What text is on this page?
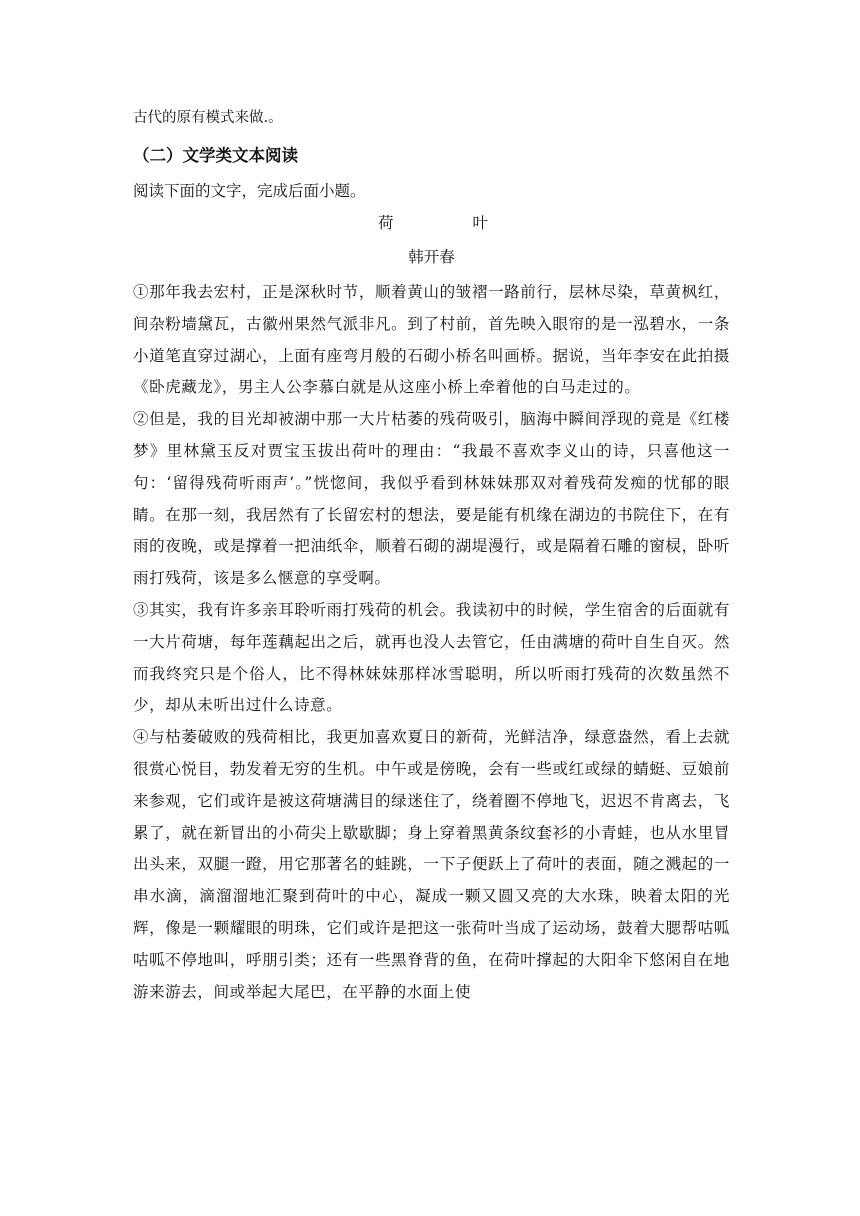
古代的原有模式来做.。
（二）文学类文本阅读
阅读下面的文字，完成后面小题。
荷	叶
韩开春

①那年我去宏村，正是深秋时节，顺着黄山的皱褶一路前行，层林尽染，草黄枫红，间杂粉墙黛瓦，古徽州果然气派非凡。到了村前，首先映入眼帘的是一泓碧水，一条小道笔直穿过湖心，上面有座弯月般的石砌小桥名叫画桥。据说，当年李安在此拍摄《卧虎藏龙》，男主人公李慕白就是从这座小桥上牵着他的白马走过的。

②但是，我的目光却被湖中那一大片枯萎的残荷吸引，脑海中瞬间浮现的竟是《红楼梦》里林黛玉反对贾宝玉拔出荷叶的理由：“我最不喜欢李义山的诗，只喜他这一句：‘留得残荷听雨声’。”恍惚间，我似乎看到林妹妹那双对着残荷发痴的忧郁的眼睛。在那一刻，我居然有了长留宏村的想法，要是能有机缘在湖边的书院住下，在有雨的夜晚，或是撑着一把油纸伞，顺着石砌的湖堤漫行，或是隔着石雕的窗棂，卧听雨打残荷，该是多么惬意的享受啊。

③其实，我有许多亲耳聆听雨打残荷的机会。我读初中的时候，学生宿舍的后面就有一大片荷塘，每年莲藕起出之后，就再也没人去管它，任由满塘的荷叶自生自灭。然而我终究只是个俗人，比不得林妹妹那样冰雪聪明，所以听雨打残荷的次数虽然不少，却从未听出过什么诗意。

④与枯萎破败的残荷相比，我更加喜欢夏日的新荷，光鲜洁净，绿意盎然，看上去就很赏心悦目，勃发着无穷的生机。中午或是傍晚，会有一些或红或绿的蜻蜓、豆娘前来参观，它们或许是被这荷塘满目的绿迷住了，绕着圈不停地飞，迟迟不肯离去，飞累了，就在新冒出的小荷尖上歇歇脚；身上穿着黑黄条纹套衫的小青蛙，也从水里冒出头来，双腿一蹬，用它那著名的蛙跳，一下子便跃上了荷叶的表面，随之溅起的一串水滴，滴溜溜地汇聚到荷叶的中心，凝成一颗又圆又亮的大水珠，映着太阳的光辉，像是一颗耀眼的明珠，它们或许是把这一张荷叶当成了运动场，鼓着大腮帮咕呱咕呱不停地叫，呼朋引类；还有一些黑脊背的鱼，在荷叶撑起的大阳伞下悠闲自在地游来游去，间或举起大尾巴，在平静的水面上使
